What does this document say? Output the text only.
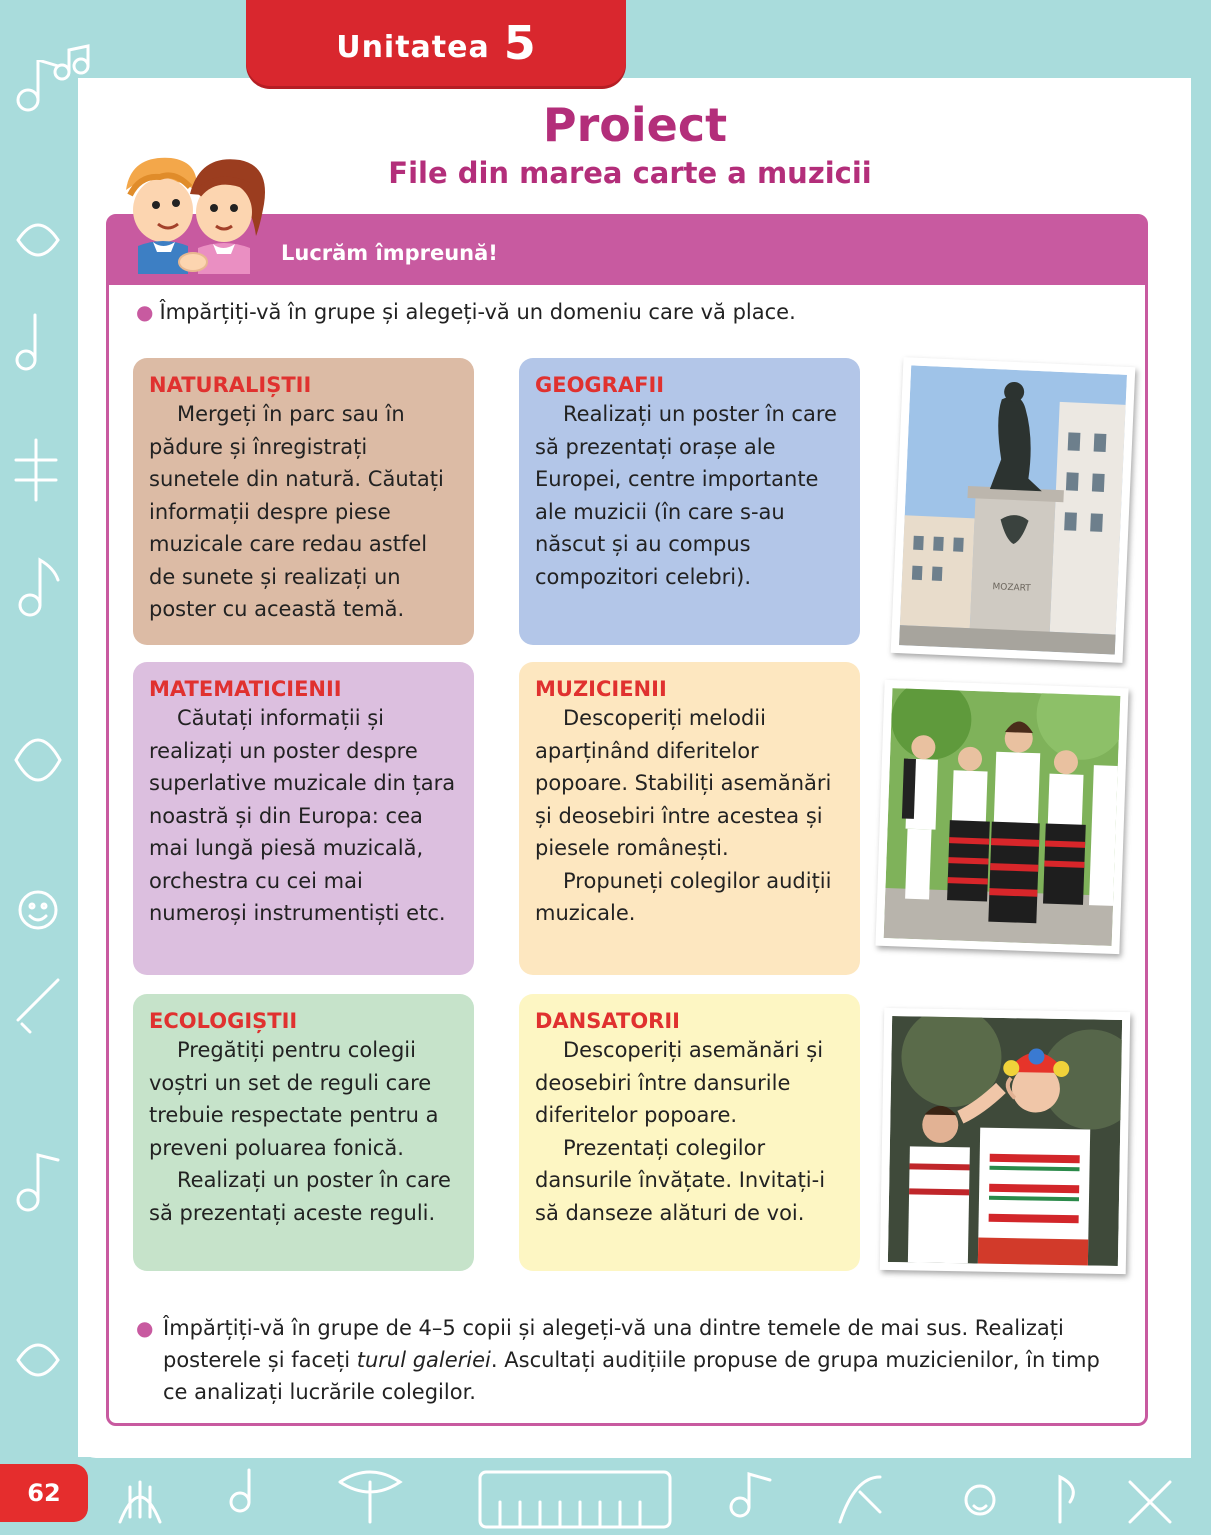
Unitatea 5
Proiect
File din marea carte a muzicii
Lucrăm împreună!
● Împărțiți-vă în grupe și alegeți-vă un domeniu care vă place.
NATURALIȘTII

Mergeți în parc sau în pădure și înregistrați sunetele din natură. Căutați informații despre piese muzicale care redau astfel de sunete și realizați un poster cu această temă.

GEOGRAFII

Realizați un poster în care să prezentați orașe ale Europei, centre importante ale muzicii (în care s-au născut și au compus compozitori celebri).

MATEMATICIENII

Căutați informații și realizați un poster despre superlative muzicale din țara noastră și din Europa: cea mai lungă piesă muzicală, orchestra cu cei mai numeroși instrumentiști etc.

MUZICIENII

Descoperiți melodii aparținând diferitelor popoare. Stabiliți asemănări și deosebiri între acestea și piesele românești.

Propuneți colegilor audiții muzicale.

ECOLOGIȘTII

Pregătiți pentru colegii voștri un set de reguli care trebuie respectate pentru a preveni poluarea fonică.

Realizați un poster în care să prezentați aceste reguli.

DANSATORII

Descoperiți asemănări și deosebiri între dansurile diferitelor popoare.

Prezentați colegilor dansurile învățate. Invitați-i să danseze alături de voi.

MOZART
● Împărțiți-vă în grupe de 4–5 copii și alegeți-vă una dintre temele de mai sus. Realizați posterele și faceți turul galeriei. Ascultați audițiile propuse de grupa muzicienilor, în timp ce analizați lucrările colegilor.
62
